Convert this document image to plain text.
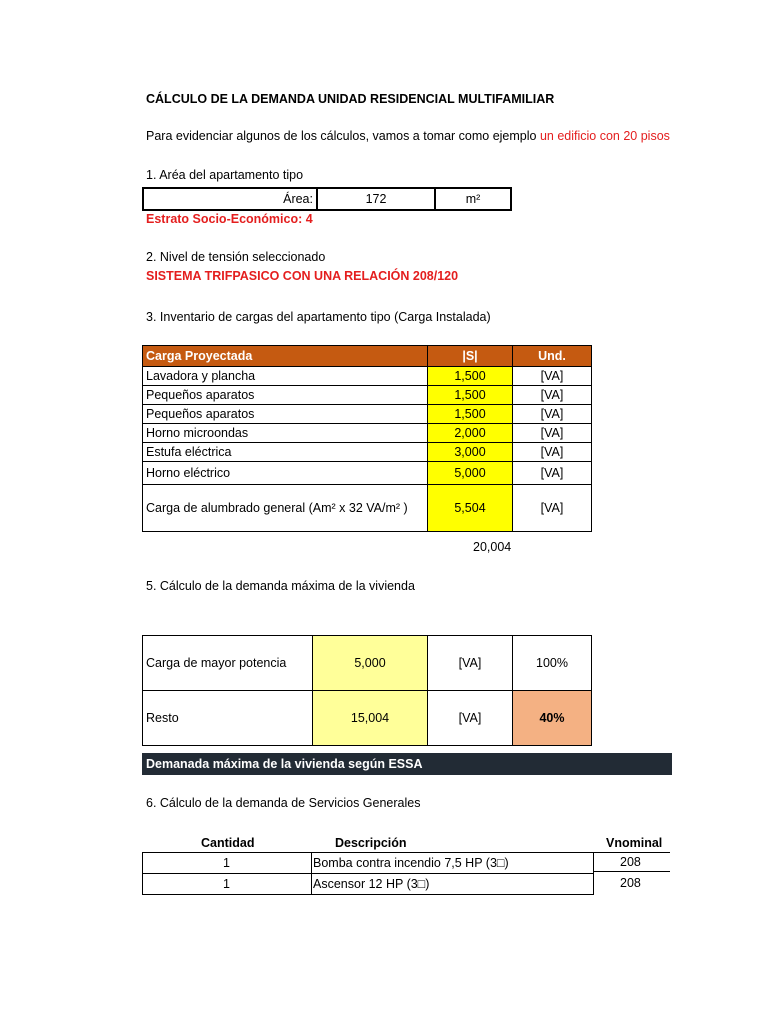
CÁLCULO DE LA DEMANDA UNIDAD RESIDENCIAL MULTIFAMILIAR
Para evidenciar algunos de los cálculos, vamos a tomar como ejemplo un edificio con 20 pisos
1. Aréa del apartamento tipo
Área:	172	m²
Estrato Socio-Económico: 4
2. Nivel de tensión seleccionado
SISTEMA TRIFPASICO CON UNA RELACIÓN 208/120
3. Inventario de cargas del apartamento tipo (Carga Instalada)
Carga Proyectada	|S|	Und.
Lavadora y plancha	1,500	[VA]
Pequeños aparatos	1,500	[VA]
Pequeños aparatos	1,500	[VA]
Horno microondas	2,000	[VA]
Estufa eléctrica	3,000	[VA]
Horno eléctrico	5,000	[VA]
Carga de alumbrado general (Am² x 32 VA/m² )	5,504	[VA]
20,004
5. Cálculo de la demanda máxima de la vivienda
Carga de mayor potencia	5,000	[VA]	100%
Resto	15,004	[VA]	40%
Demanada máxima de la vivienda según ESSA
6. Cálculo de la demanda de Servicios Generales
Cantidad	Descripción	Vnominal
1	Bomba contra incendio 7,5 HP (3□)	208
1	Ascensor 12 HP (3□)	208
